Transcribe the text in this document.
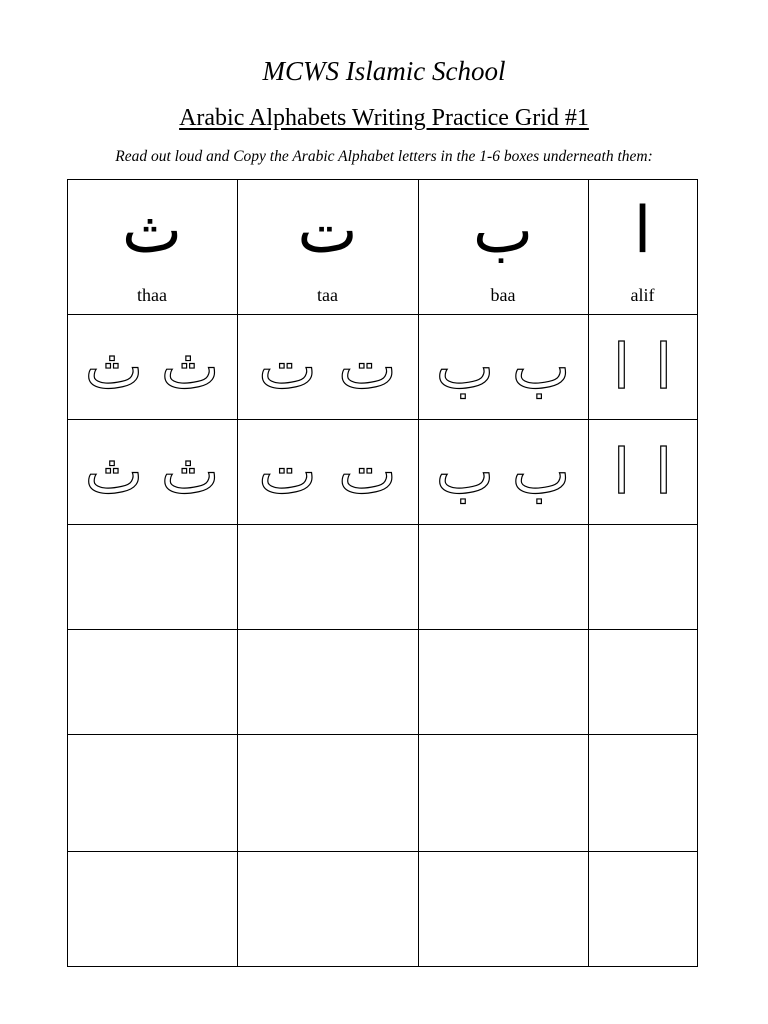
MCWS Islamic School
Arabic Alphabets Writing Practice Grid #1
Read out loud and Copy the Arabic Alphabet letters in the 1-6 boxes underneath them:
ث
thaa
ث ث
ث ث
ت
taa
ت ت
ت ت
ب
baa
ب ب
ب ب
ا
alif
ا ا
ا ا
